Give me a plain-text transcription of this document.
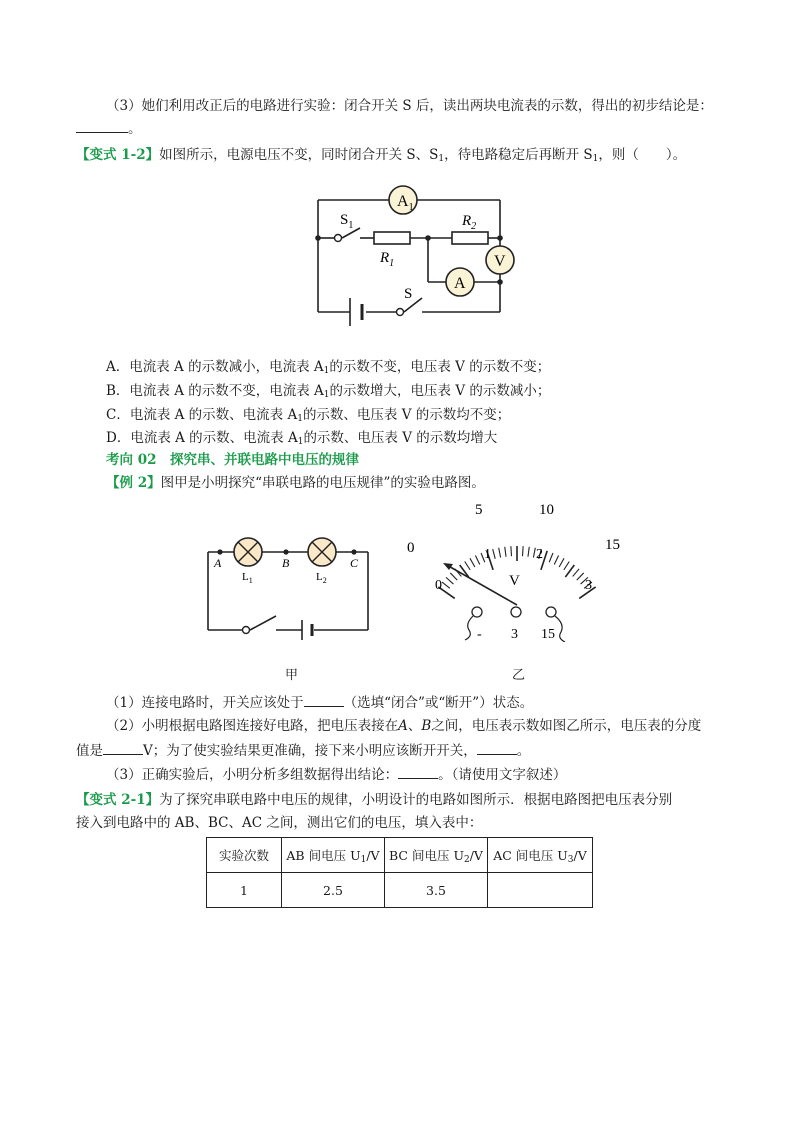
（3）她们利用改正后的电路进行实验：闭合开关 S 后，读出两块电流表的示数，得出的初步结论是：
。
【变式 1-2】如图所示，电源电压不变，同时闭合开关 S、$S_1$，待电路稳定后再断开 $S_1$，则（　　）。
$A_1$
V
A
$S_1$	$R_2$
$R_1$
S
A．电流表 A 的示数减小，电流表 $A_1$的示数不变，电压表 V 的示数不变；
B．电流表 A 的示数不变，电流表 $A_1$的示数增大，电压表 V 的示数减小；
C．电流表 A 的示数、电流表 $A_1$的示数、电压表 V 的示数均不变；
D．电流表 A 的示数、电流表 $A_1$的示数、电压表 V 的示数均增大
考向 02　探究串、并联电路中电压的规律
【例 2】图甲是小明探究“串联电路的电压规律”的实验电路图。
A	B	C
$L_1$	$L_2$
0
5	10
15
0
1	2
3
V
- 3 15
甲	乙
（1）连接电路时，开关应该处于	（选填“闭合”或“断开”）状态。
（2）小明根据电路图连接好电路，把电压表接在A、B之间，电压表示数如图乙所示，电压表的分度
值是	V；为了使实验结果更准确，接下来小明应该断开开关，	。
（3）正确实验后，小明分析多组数据得出结论：	。（请使用文字叙述）
【变式 2-1】为了探究串联电路中电压的规律，小明设计的电路如图所示．根据电路图把电压表分别
接入到电路中的 AB、BC、AC 之间，测出它们的电压，填入表中：
实验次数	AB 间电压 $U_1/V$	BC 间电压 $U_2/V$	AC 间电压 $U_3/V$
1	2.5	3.5	
